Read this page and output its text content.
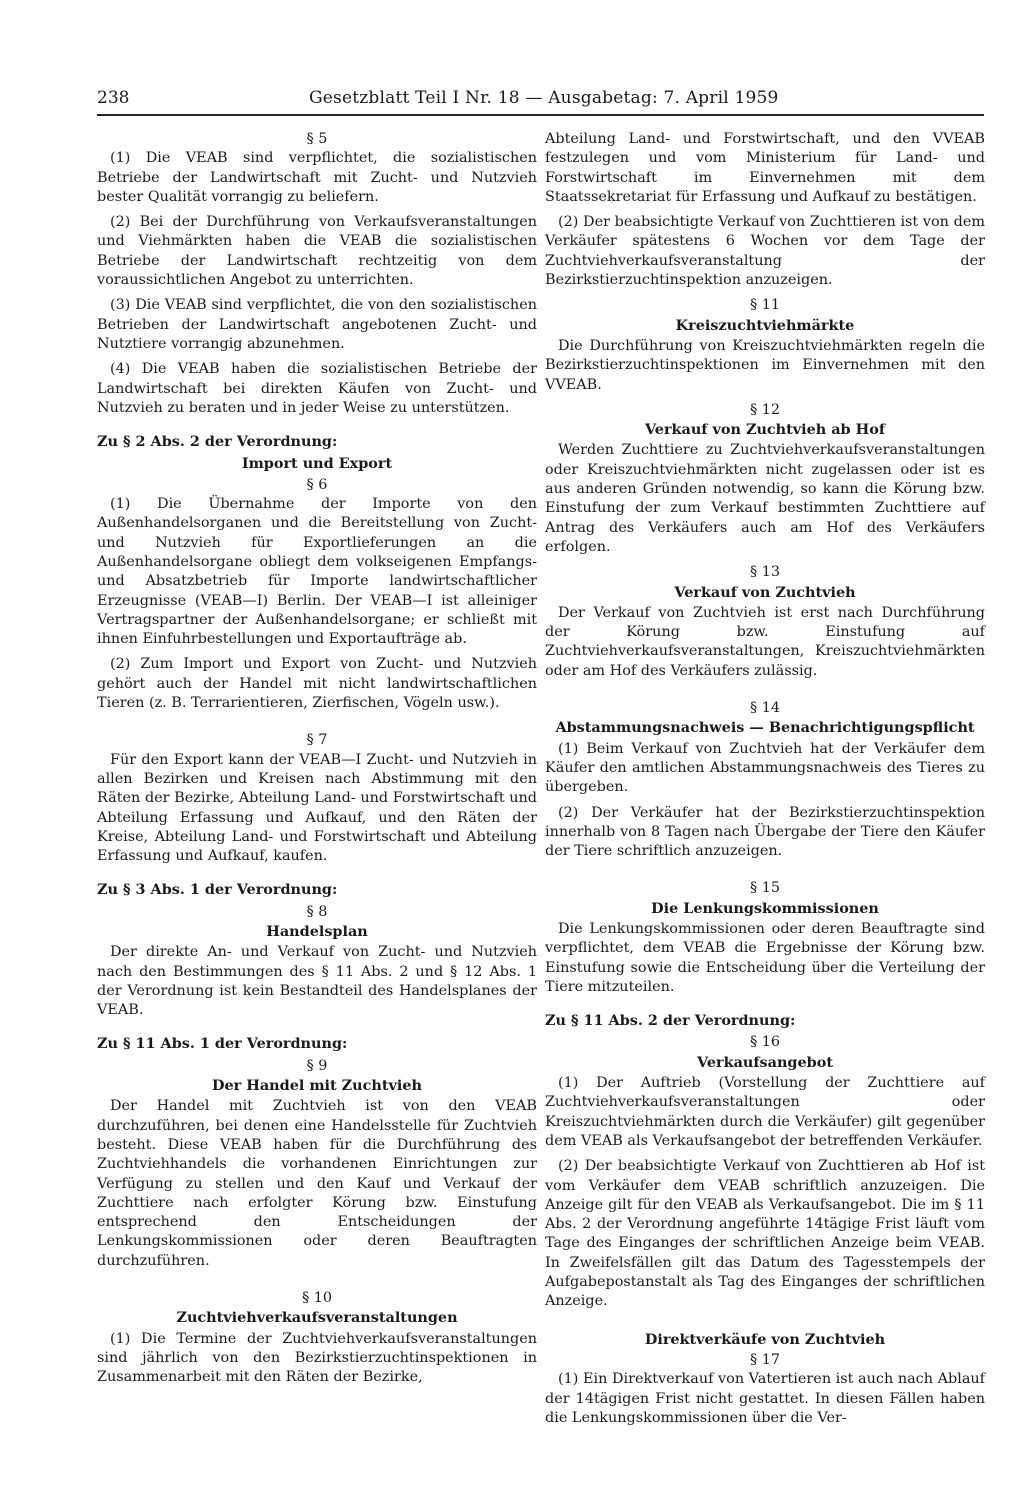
238	Gesetzblatt Teil I Nr. 18 — Ausgabetag: 7. April 1959
§ 5

(1) Die VEAB sind verpflichtet, die sozialistischen Betriebe der Landwirtschaft mit Zucht- und Nutzvieh bester Qualität vorrangig zu beliefern.

(2) Bei der Durchführung von Verkaufsveranstaltungen und Viehmärkten haben die VEAB die sozialistischen Betriebe der Landwirtschaft rechtzeitig von dem voraussichtlichen Angebot zu unterrichten.

(3) Die VEAB sind verpflichtet, die von den sozialistischen Betrieben der Landwirtschaft angebotenen Zucht- und Nutztiere vorrangig abzunehmen.

(4) Die VEAB haben die sozialistischen Betriebe der Landwirtschaft bei direkten Käufen von Zucht- und Nutzvieh zu beraten und in jeder Weise zu unterstützen.

Zu § 2 Abs. 2 der Verordnung:
Import und Export
§ 6

(1) Die Übernahme der Importe von den Außenhandelsorganen und die Bereitstellung von Zucht- und Nutzvieh für Exportlieferungen an die Außenhandelsorgane obliegt dem volkseigenen Empfangs- und Absatzbetrieb für Importe landwirtschaftlicher Erzeugnisse (VEAB—I) Berlin. Der VEAB—I ist alleiniger Vertragspartner der Außenhandelsorgane; er schließt mit ihnen Einfuhrbestellungen und Exportaufträge ab.

(2) Zum Import und Export von Zucht- und Nutzvieh gehört auch der Handel mit nicht landwirtschaftlichen Tieren (z. B. Terrarientieren, Zierfischen, Vögeln usw.).

§ 7

Für den Export kann der VEAB—I Zucht- und Nutzvieh in allen Bezirken und Kreisen nach Abstimmung mit den Räten der Bezirke, Abteilung Land- und Forstwirtschaft und Abteilung Erfassung und Aufkauf, und den Räten der Kreise, Abteilung Land- und Forstwirtschaft und Abteilung Erfassung und Aufkauf, kaufen.

Zu § 3 Abs. 1 der Verordnung:
§ 8
Handelsplan

Der direkte An- und Verkauf von Zucht- und Nutzvieh nach den Bestimmungen des § 11 Abs. 2 und § 12 Abs. 1 der Verordnung ist kein Bestandteil des Handelsplanes der VEAB.

Zu § 11 Abs. 1 der Verordnung:
§ 9
Der Handel mit Zuchtvieh

Der Handel mit Zuchtvieh ist von den VEAB durchzuführen, bei denen eine Handelsstelle für Zuchtvieh besteht. Diese VEAB haben für die Durchführung des Zuchtviehhandels die vorhandenen Einrichtungen zur Verfügung zu stellen und den Kauf und Verkauf der Zuchttiere nach erfolgter Körung bzw. Einstufung entsprechend den Entscheidungen der Lenkungskommissionen oder deren Beauftragten durchzuführen.

§ 10
Zuchtviehverkaufsveranstaltungen

(1) Die Termine der Zuchtviehverkaufsveranstaltungen sind jährlich von den Bezirkstierzuchtinspektionen in Zusammenarbeit mit den Räten der Bezirke,

Abteilung Land- und Forstwirtschaft, und den VVEAB festzulegen und vom Ministerium für Land- und Forstwirtschaft im Einvernehmen mit dem Staatssekretariat für Erfassung und Aufkauf zu bestätigen.

(2) Der beabsichtigte Verkauf von Zuchttieren ist von dem Verkäufer spätestens 6 Wochen vor dem Tage der Zuchtviehverkaufsveranstaltung der Bezirkstierzuchtinspektion anzuzeigen.

§ 11
Kreiszuchtviehmärkte

Die Durchführung von Kreiszuchtviehmärkten regeln die Bezirkstierzuchtinspektionen im Einvernehmen mit den VVEAB.

§ 12
Verkauf von Zuchtvieh ab Hof

Werden Zuchttiere zu Zuchtviehverkaufsveranstaltungen oder Kreiszuchtviehmärkten nicht zugelassen oder ist es aus anderen Gründen notwendig, so kann die Körung bzw. Einstufung der zum Verkauf bestimmten Zuchttiere auf Antrag des Verkäufers auch am Hof des Verkäufers erfolgen.

§ 13
Verkauf von Zuchtvieh

Der Verkauf von Zuchtvieh ist erst nach Durchführung der Körung bzw. Einstufung auf Zuchtviehverkaufsveranstaltungen, Kreiszuchtviehmärkten oder am Hof des Verkäufers zulässig.

§ 14
Abstammungsnachweis — Benachrichtigungspflicht

(1) Beim Verkauf von Zuchtvieh hat der Verkäufer dem Käufer den amtlichen Abstammungsnachweis des Tieres zu übergeben.

(2) Der Verkäufer hat der Bezirkstierzuchtinspektion innerhalb von 8 Tagen nach Übergabe der Tiere den Käufer der Tiere schriftlich anzuzeigen.

§ 15
Die Lenkungskommissionen

Die Lenkungskommissionen oder deren Beauftragte sind verpflichtet, dem VEAB die Ergebnisse der Körung bzw. Einstufung sowie die Entscheidung über die Verteilung der Tiere mitzuteilen.

Zu § 11 Abs. 2 der Verordnung:
§ 16
Verkaufsangebot

(1) Der Auftrieb (Vorstellung der Zuchttiere auf Zuchtviehverkaufsveranstaltungen oder Kreiszuchtviehmärkten durch die Verkäufer) gilt gegenüber dem VEAB als Verkaufsangebot der betreffenden Verkäufer.

(2) Der beabsichtigte Verkauf von Zuchttieren ab Hof ist vom Verkäufer dem VEAB schriftlich anzuzeigen. Die Anzeige gilt für den VEAB als Verkaufsangebot. Die im § 11 Abs. 2 der Verordnung angeführte 14tägige Frist läuft vom Tage des Einganges der schriftlichen Anzeige beim VEAB. In Zweifelsfällen gilt das Datum des Tagesstempels der Aufgabepostanstalt als Tag des Einganges der schriftlichen Anzeige.

Direktverkäufe von Zuchtvieh
§ 17

(1) Ein Direktverkauf von Vatertieren ist auch nach Ablauf der 14tägigen Frist nicht gestattet. In diesen Fällen haben die Lenkungskommissionen über die Ver-
